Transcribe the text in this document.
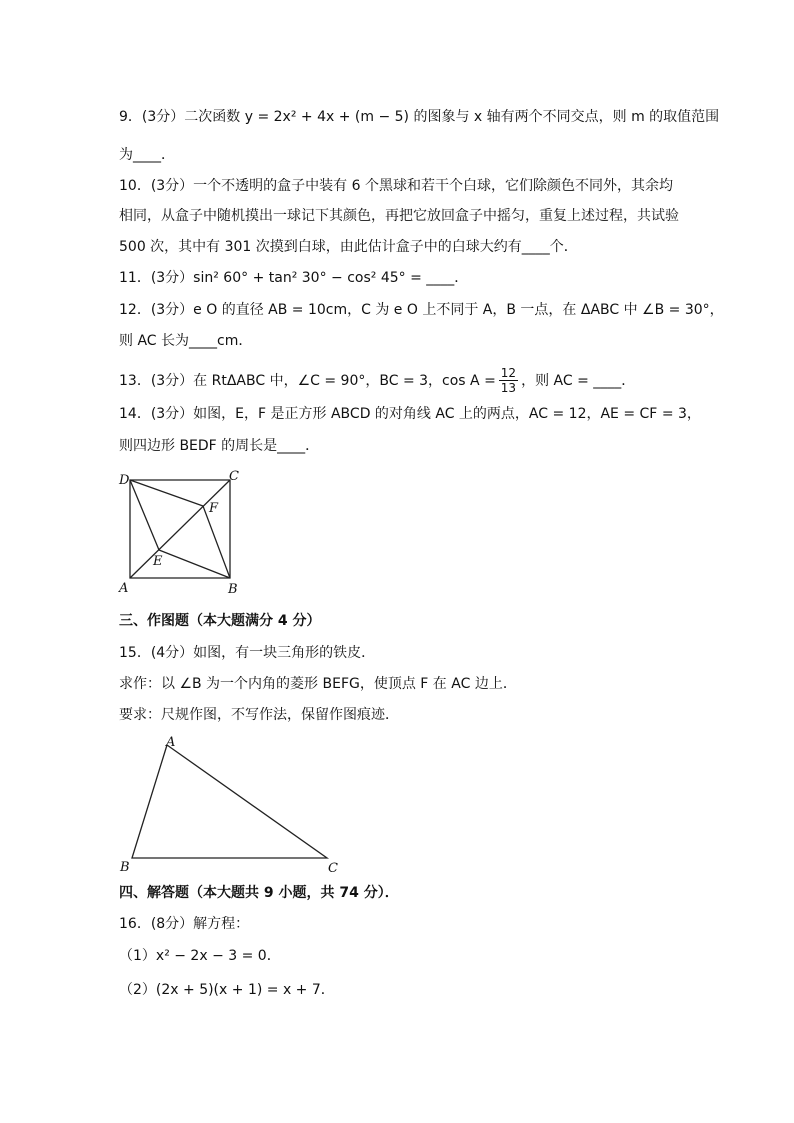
9．(3分）二次函数 y = 2x² + 4x + (m − 5) 的图象与 x 轴有两个不同交点，则 m 的取值范围
为____．
10．(3分）一个不透明的盒子中装有 6 个黑球和若干个白球，它们除颜色不同外，其余均
相同，从盒子中随机摸出一球记下其颜色，再把它放回盒子中摇匀，重复上述过程，共试验
500 次，其中有 301 次摸到白球，由此估计盒子中的白球大约有____个．
11．(3分）sin² 60° + tan² 30° − cos² 45° = ____．
12．(3分）e O 的直径 AB = 10cm，C 为 e O 上不同于 A，B 一点，在 ΔABC 中 ∠B = 30°，
则 AC 长为____cm．
13．(3分）在 RtΔABC 中，∠C = 90°，BC = 3，$\cos A = \frac{12}{13}$ ，则 AC = ____．
14．(3分）如图，E，F 是正方形 ABCD 的对角线 AC 上的两点，AC = 12，AE = CF = 3，
则四边形 BEDF 的周长是____．
D	C
B
A
E
F
三、作图题（本大题满分 4 分）
15．(4分）如图，有一块三角形的铁皮．
求作：以 ∠B 为一个内角的菱形 BEFG，使顶点 F 在 AC 边上．
要求：尺规作图，不写作法，保留作图痕迹．
A
B	C
四、解答题（本大题共 9 小题，共 74 分）．
16．(8分）解方程：
（1）x² − 2x − 3 = 0．
（2）(2x + 5)(x + 1) = x + 7．
